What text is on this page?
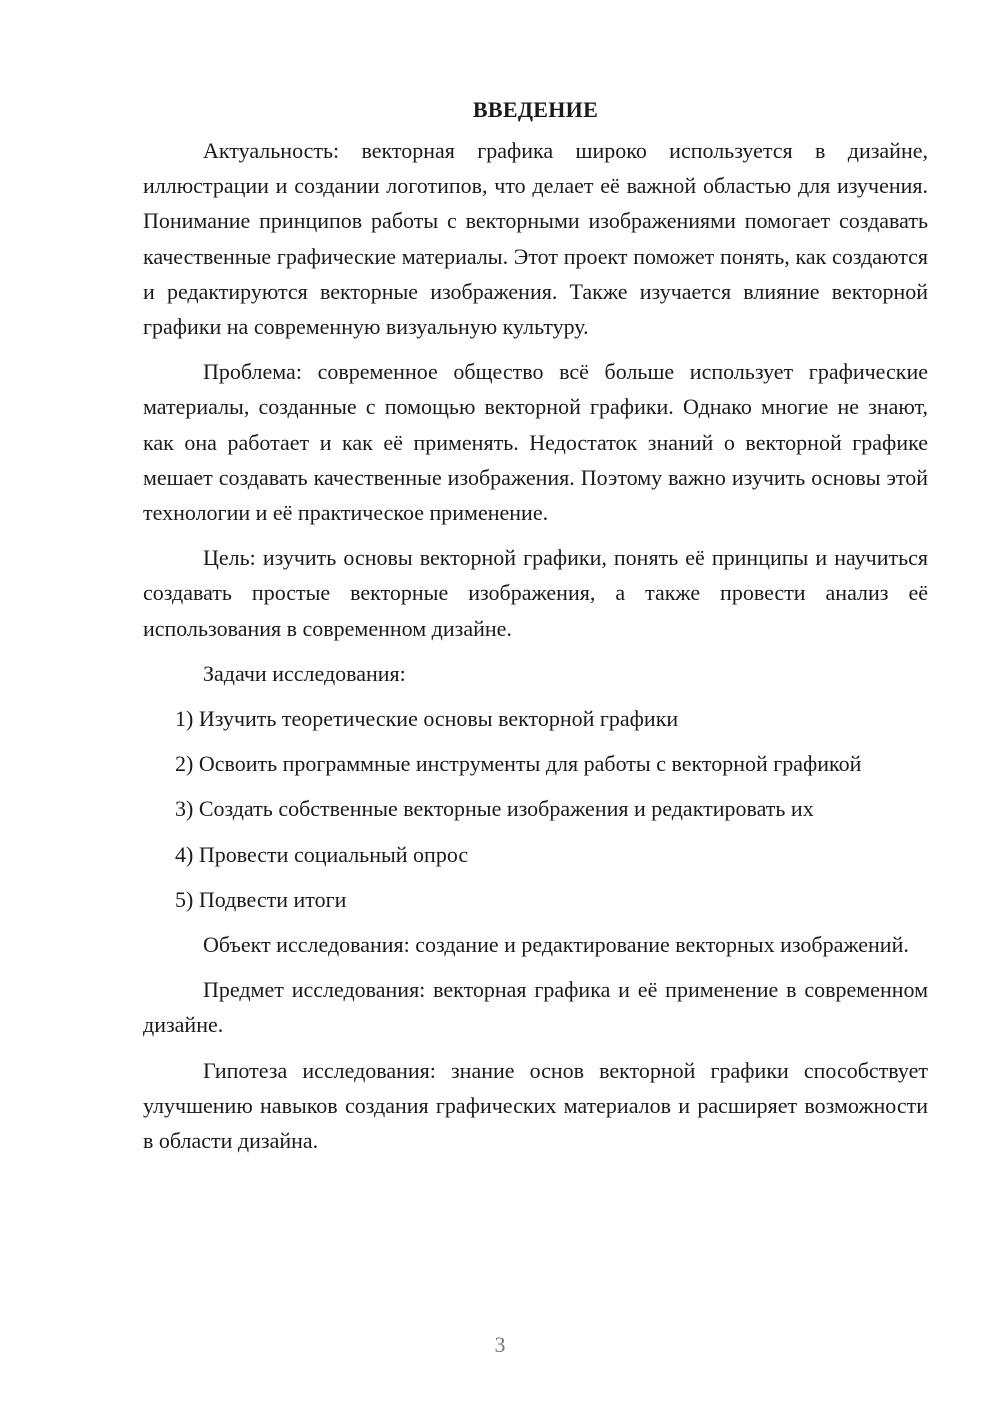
ВВЕДЕНИЕ

Актуальность: векторная графика широко используется в дизайне, иллюстрации и создании логотипов, что делает её важной областью для изучения. Понимание принципов работы с векторными изображениями помогает создавать качественные графические материалы. Этот проект поможет понять, как создаются и редактируются векторные изображения. Также изучается влияние векторной графики на современную визуальную культуру.

Проблема: современное общество всё больше использует графические материалы, созданные с помощью векторной графики. Однако многие не знают, как она работает и как её применять. Недостаток знаний о векторной графике мешает создавать качественные изображения. Поэтому важно изучить основы этой технологии и её практическое применение.

Цель: изучить основы векторной графики, понять её принципы и научиться создавать простые векторные изображения, а также провести анализ её использования в современном дизайне.

Задачи исследования:

1) Изучить теоретические основы векторной графики

2) Освоить программные инструменты для работы с векторной графикой

3) Создать собственные векторные изображения и редактировать их

4) Провести социальный опрос

5) Подвести итоги

Объект исследования: создание и редактирование векторных изображений.

Предмет исследования: векторная графика и её применение в современном дизайне.

Гипотеза исследования: знание основ векторной графики способствует улучшению навыков создания графических материалов и расширяет возможности в области дизайна.

3
